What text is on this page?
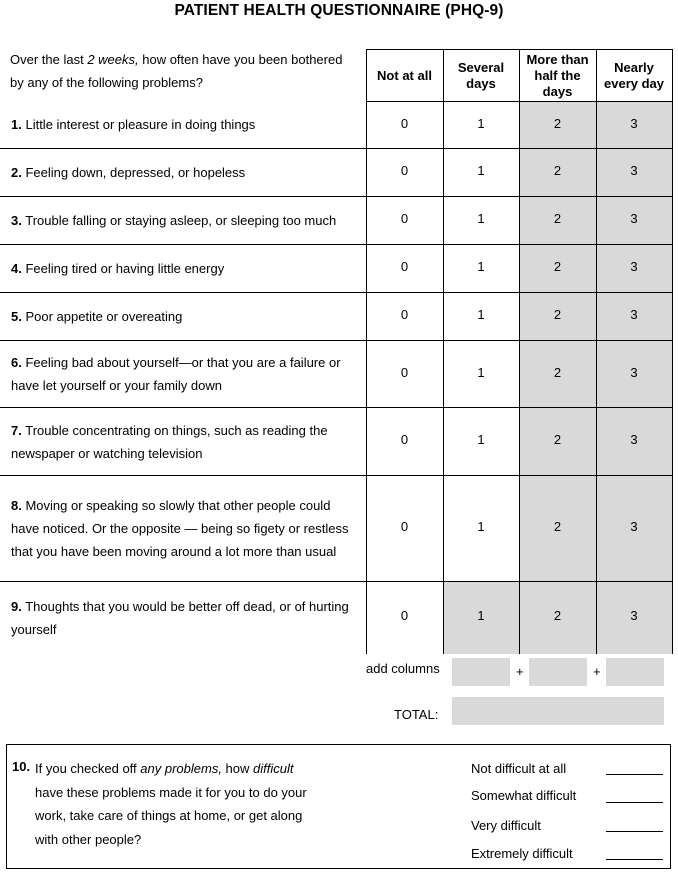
PATIENT HEALTH QUESTIONNAIRE (PHQ-9)
Over the last 2 weeks, how often have you been bothered by any of the following problems?
		Not at all	Several days	More than half the days	Nearly every day
1. Little interest or pleasure in doing things	0	1	2	3
2. Feeling down, depressed, or hopeless	0	1	2	3
3. Trouble falling or staying asleep, or sleeping too much	0	1	2	3
4. Feeling tired or having little energy	0	1	2	3
5. Poor appetite or overeating	0	1	2	3
6. Feeling bad about yourself—or that you are a failure or have let yourself or your family down	0	1	2	3
7. Trouble concentrating on things, such as reading the newspaper or watching television	0	1	2	3
8. Moving or speaking so slowly that other people could have noticed. Or the opposite — being so figety or restless that you have been moving around a lot more than usual	0	1	2	3
9. Thoughts that you would be better off dead, or of hurting yourself	0	1	2	3
add columns	+	+
TOTAL:
10. If you checked off any problems, how difficult have these problems made it for you to do your work, take care of things at home, or get along with other people?
Not difficult at all
Somewhat difficult
Very difficult
Extremely difficult
